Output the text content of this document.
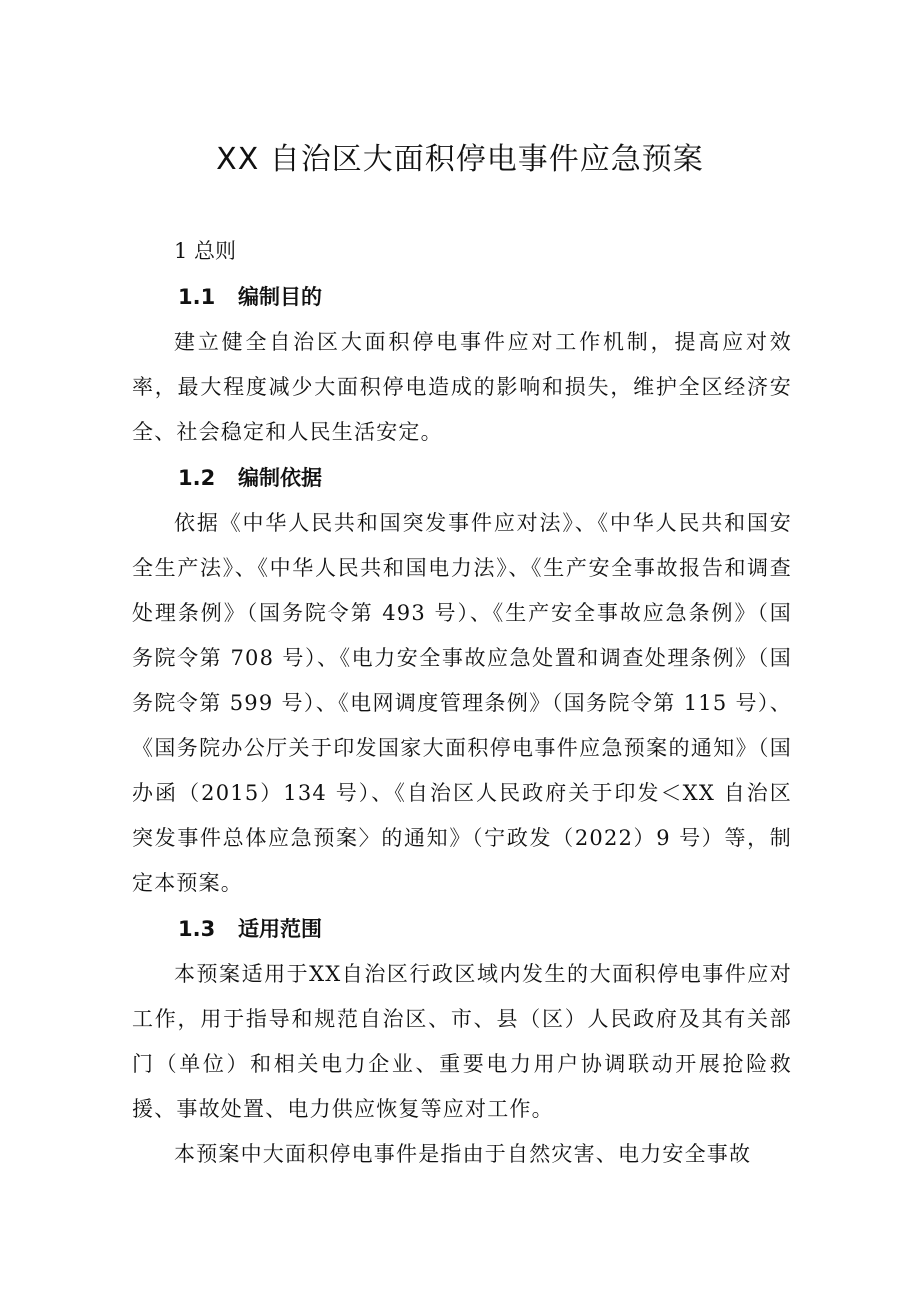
XX 自治区大面积停电事件应急预案

1 总则

1.1 编制目的

建立健全自治区大面积停电事件应对工作机制，提高应对效率，最大程度减少大面积停电造成的影响和损失，维护全区经济安全、社会稳定和人民生活安定。

1.2 编制依据

依据《中华人民共和国突发事件应对法》、《中华人民共和国安全生产法》、《中华人民共和国电力法》、《生产安全事故报告和调查处理条例》（国务院令第 493 号）、《生产安全事故应急条例》（国务院令第 708 号）、《电力安全事故应急处置和调查处理条例》（国务院令第 599 号）、《电网调度管理条例》（国务院令第 115 号）、《国务院办公厅关于印发国家大面积停电事件应急预案的通知》（国办函（2015）134 号）、《自治区人民政府关于印发＜XX 自治区突发事件总体应急预案〉的通知》（宁政发（2022）9 号）等，制定本预案。

1.3 适用范围

本预案适用于XX自治区行政区域内发生的大面积停电事件应对工作，用于指导和规范自治区、市、县（区）人民政府及其有关部门（单位）和相关电力企业、重要电力用户协调联动开展抢险救援、事故处置、电力供应恢复等应对工作。

本预案中大面积停电事件是指由于自然灾害、电力安全事故
